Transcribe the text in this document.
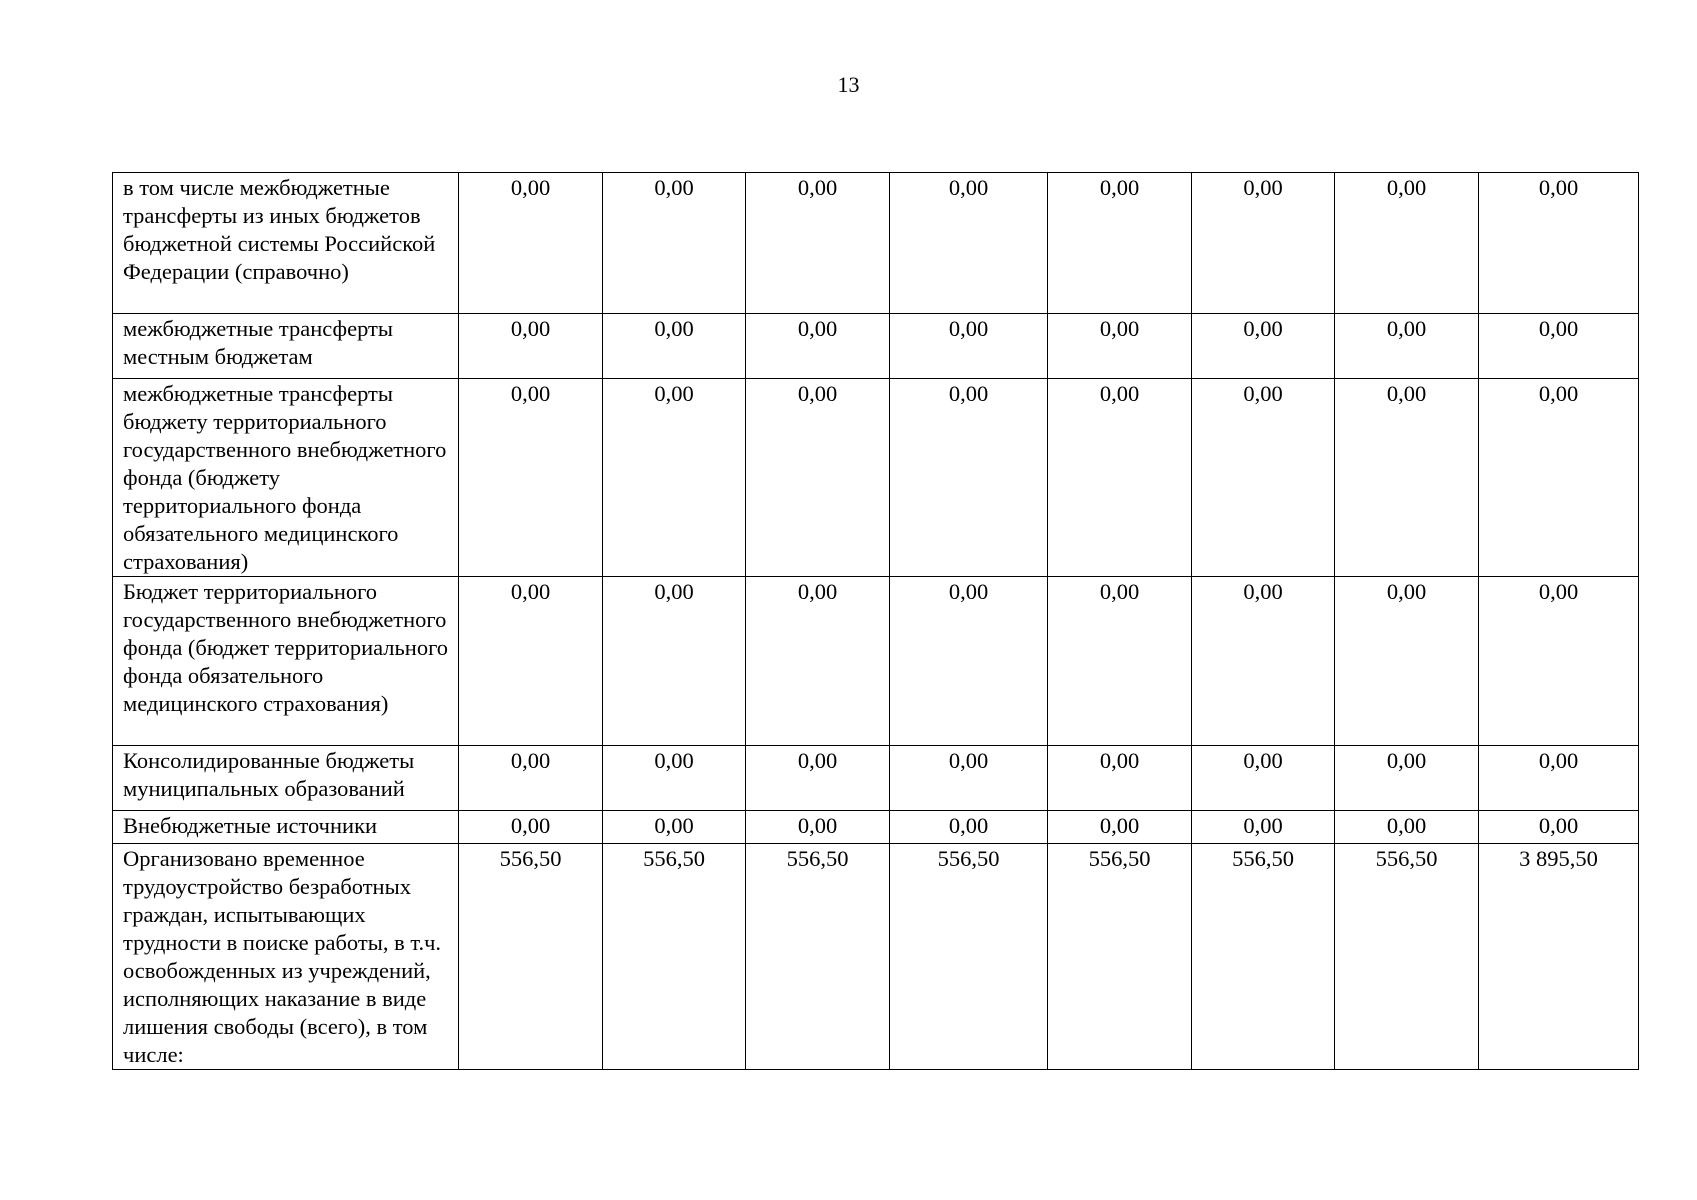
13
в том числе межбюджетные трансферты из иных бюджетов бюджетной системы Российской Федерации (справочно)	0,00	0,00	0,00	0,00	0,00	0,00	0,00	0,00
межбюджетные трансферты местным бюджетам	0,00	0,00	0,00	0,00	0,00	0,00	0,00	0,00
межбюджетные трансферты бюджету территориального государственного внебюджетного фонда (бюджету территориального фонда обязательного медицинского страхования)	0,00	0,00	0,00	0,00	0,00	0,00	0,00	0,00
Бюджет территориального государственного внебюджетного фонда (бюджет территориального фонда обязательного медицинского страхования)	0,00	0,00	0,00	0,00	0,00	0,00	0,00	0,00
Консолидированные бюджеты муниципальных образований	0,00	0,00	0,00	0,00	0,00	0,00	0,00	0,00
Внебюджетные источники	0,00	0,00	0,00	0,00	0,00	0,00	0,00	0,00
Организовано временное трудоустройство безработных граждан, испытывающих трудности в поиске работы, в т.ч. освобожденных из учреждений, исполняющих наказание в виде лишения свободы (всего), в том числе:	556,50	556,50	556,50	556,50	556,50	556,50	556,50	3 895,50
